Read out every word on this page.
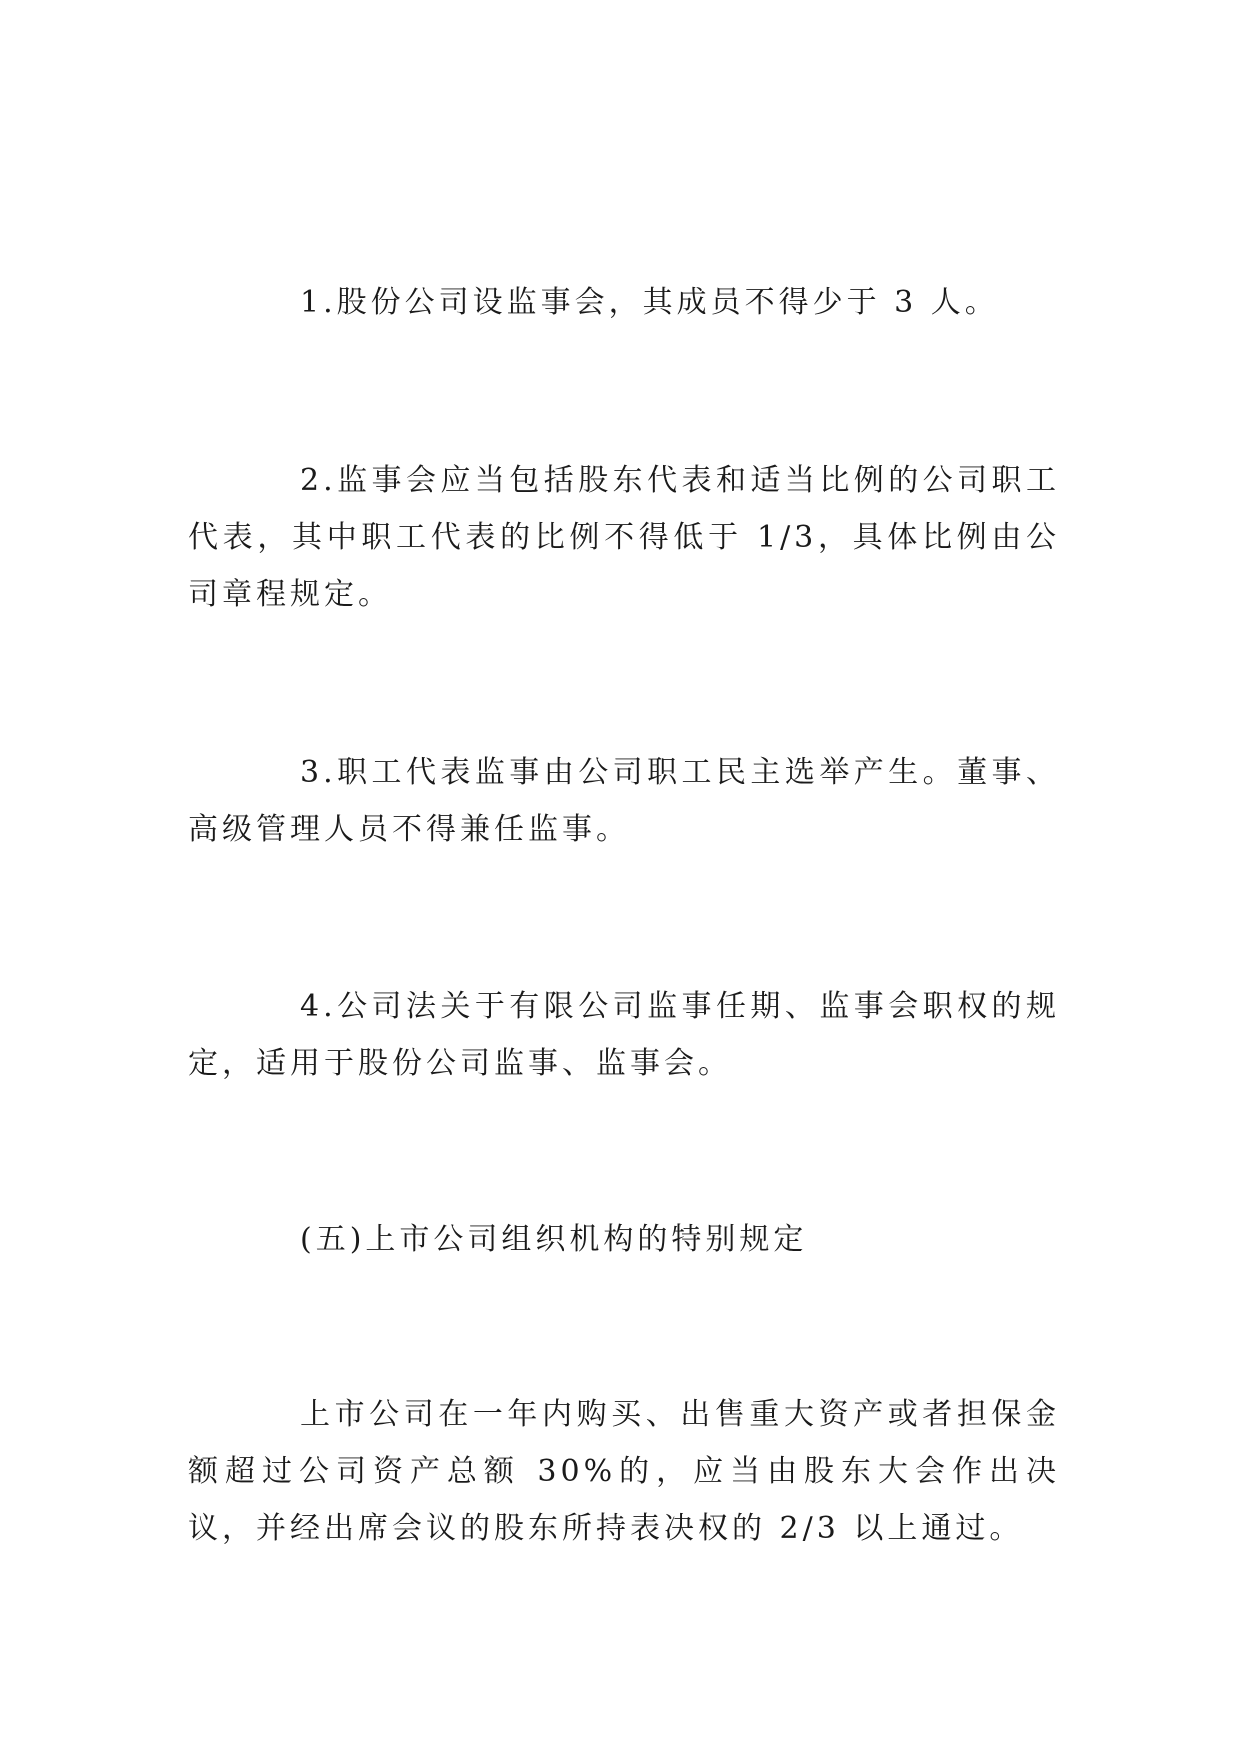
1.股份公司设监事会，其成员不得少于 3 人。

2.监事会应当包括股东代表和适当比例的公司职工代表，其中职工代表的比例不得低于 1/3，具体比例由公司章程规定。

3.职工代表监事由公司职工民主选举产生。董事、高级管理人员不得兼任监事。

4.公司法关于有限公司监事任期、监事会职权的规定，适用于股份公司监事、监事会。

(五)上市公司组织机构的特别规定

上市公司在一年内购买、出售重大资产或者担保金额超过公司资产总额 30%的，应当由股东大会作出决议，并经出席会议的股东所持表决权的 2/3 以上通过。
